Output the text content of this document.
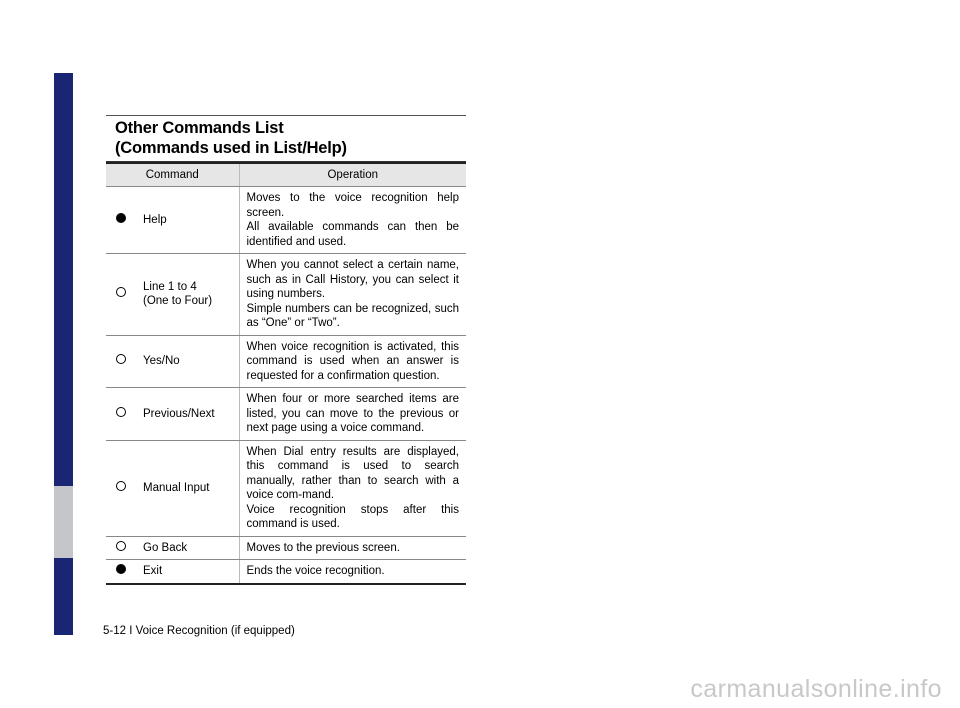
Other Commands List
(Commands used in List/Help)
Command		Operation

	Help	Moves to the voice recognition help screen.
All available commands can then be identified and used.

	Line 1 to 4
(One to Four)	When you cannot select a certain name, such as in Call History, you can select it using numbers.
Simple numbers can be recognized, such as “One” or “Two”.

	Yes/No	When voice recognition is activated, this command is used when an answer is requested for a confirmation question.

	Previous/Next	When four or more searched items are listed, you can move to the previous or next page using a voice command.

	Manual Input	When Dial entry results are displayed, this command is used to search manually, rather than to search with a voice com-mand.
Voice recognition stops after this command is used.

	Go Back	Moves to the previous screen.

	Exit	Ends the voice recognition.
5-12 I Voice Recognition (if equipped)
carmanualsonline.info
